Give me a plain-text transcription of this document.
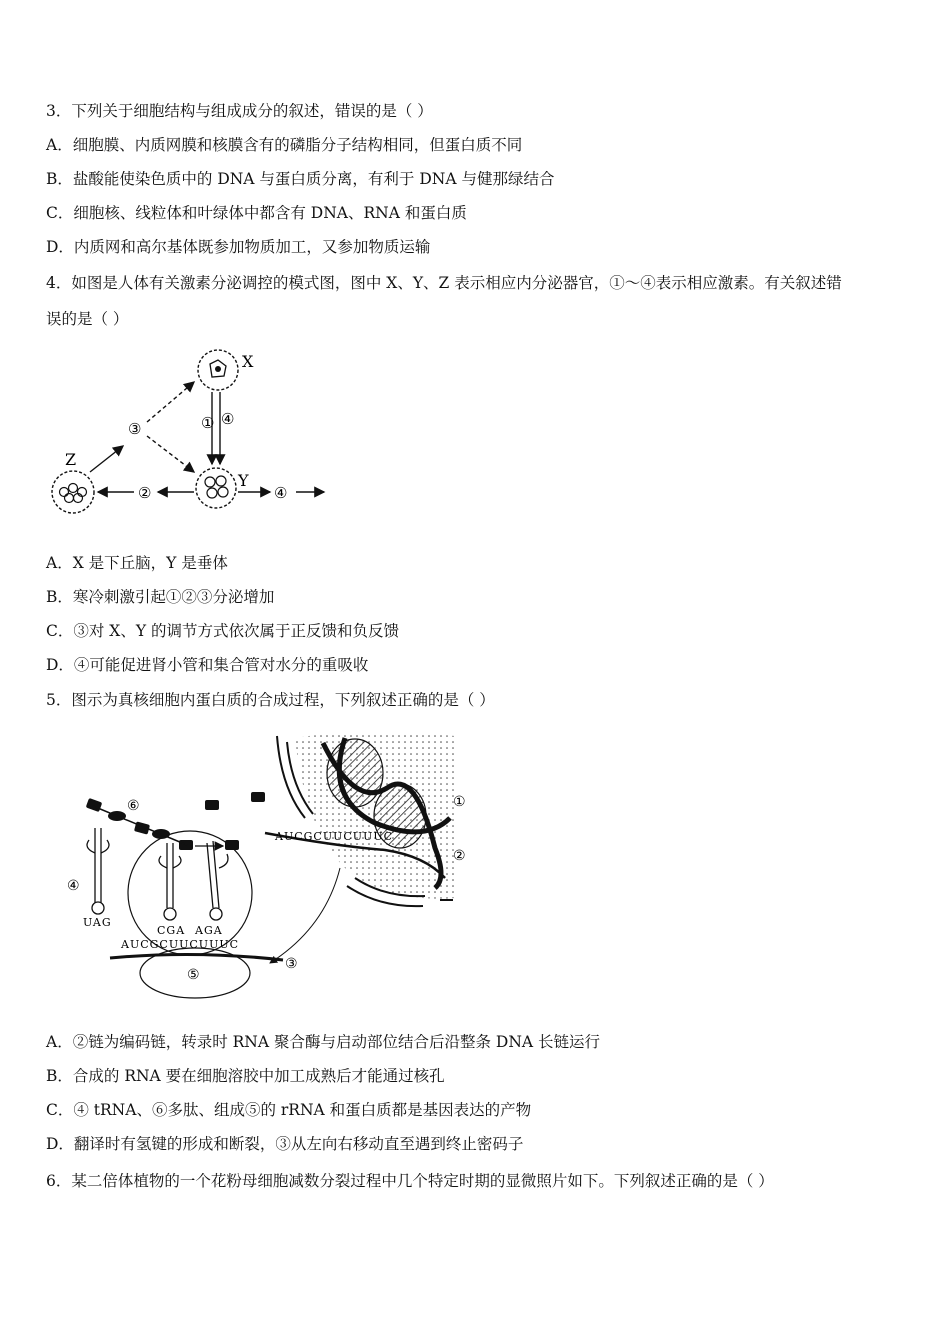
3．下列关于细胞结构与组成成分的叙述，错误的是（ ）
A．细胞膜、内质网膜和核膜含有的磷脂分子结构相同，但蛋白质不同
B．盐酸能使染色质中的 DNA 与蛋白质分离，有利于 DNA 与健那绿结合
C．细胞核、线粒体和叶绿体中都含有 DNA、RNA 和蛋白质
D．内质网和高尔基体既参加物质加工，又参加物质运输
4．如图是人体有关激素分泌调控的模式图，图中 X、Y、Z 表示相应内分泌器官，①～④表示相应激素。有关叙述错
误的是（ ）
X
Y
Z
① ④
③
②	④
A．X 是下丘脑，Y 是垂体
B．寒冷刺激引起①②③分泌增加
C．③对 X、Y 的调节方式依次属于正反馈和负反馈
D．④可能促进肾小管和集合管对水分的重吸收
5．图示为真核细胞内蛋白质的合成过程，下列叙述正确的是（ ）
①
②
AUCGCUUCUUUC
⑤
AUCGCUUCUUUC
③
④
UAG
CGA AGA
⑥
A．②链为编码链，转录时 RNA 聚合酶与启动部位结合后沿整条 DNA 长链运行
B．合成的 RNA 要在细胞溶胶中加工成熟后才能通过核孔
C．④ tRNA、⑥多肽、组成⑤的 rRNA 和蛋白质都是基因表达的产物
D．翻译时有氢键的形成和断裂，③从左向右移动直至遇到终止密码子
6．某二倍体植物的一个花粉母细胞减数分裂过程中几个特定时期的显微照片如下。下列叙述正确的是（ ）
